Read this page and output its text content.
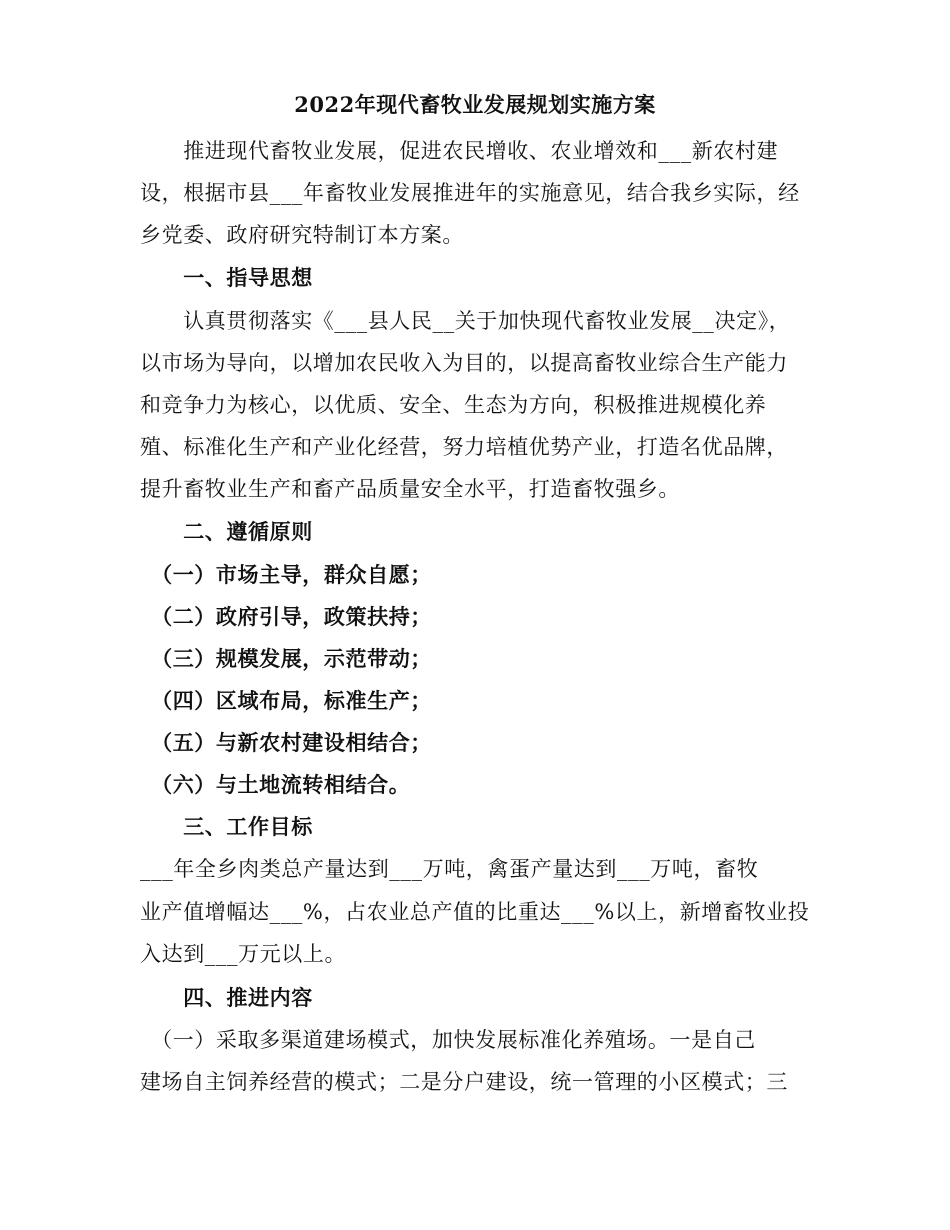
2022年现代畜牧业发展规划实施方案
　　推进现代畜牧业发展，促进农民增收、农业增效和___新农村建
设，根据市县___年畜牧业发展推进年的实施意见，结合我乡实际，经
乡党委、政府研究特制订本方案。
　　一、指导思想
　　认真贯彻落实《___县人民__关于加快现代畜牧业发展__决定》，
以市场为导向，以增加农民收入为目的，以提高畜牧业综合生产能力
和竞争力为核心，以优质、安全、生态为方向，积极推进规模化养
殖、标准化生产和产业化经营，努力培植优势产业，打造名优品牌，
提升畜牧业生产和畜产品质量安全水平，打造畜牧强乡。
　　二、遵循原则
　（一）市场主导，群众自愿；
　（二）政府引导，政策扶持；
　（三）规模发展，示范带动；
　（四）区域布局，标准生产；
　（五）与新农村建设相结合；
　（六）与土地流转相结合。
　　三、工作目标
___年全乡肉类总产量达到___万吨，禽蛋产量达到___万吨，畜牧
业产值增幅达___%，占农业总产值的比重达___%以上，新增畜牧业投
入达到___万元以上。
　　四、推进内容
　（一）采取多渠道建场模式，加快发展标准化养殖场。一是自己
建场自主饲养经营的模式；二是分户建设，统一管理的小区模式；三
